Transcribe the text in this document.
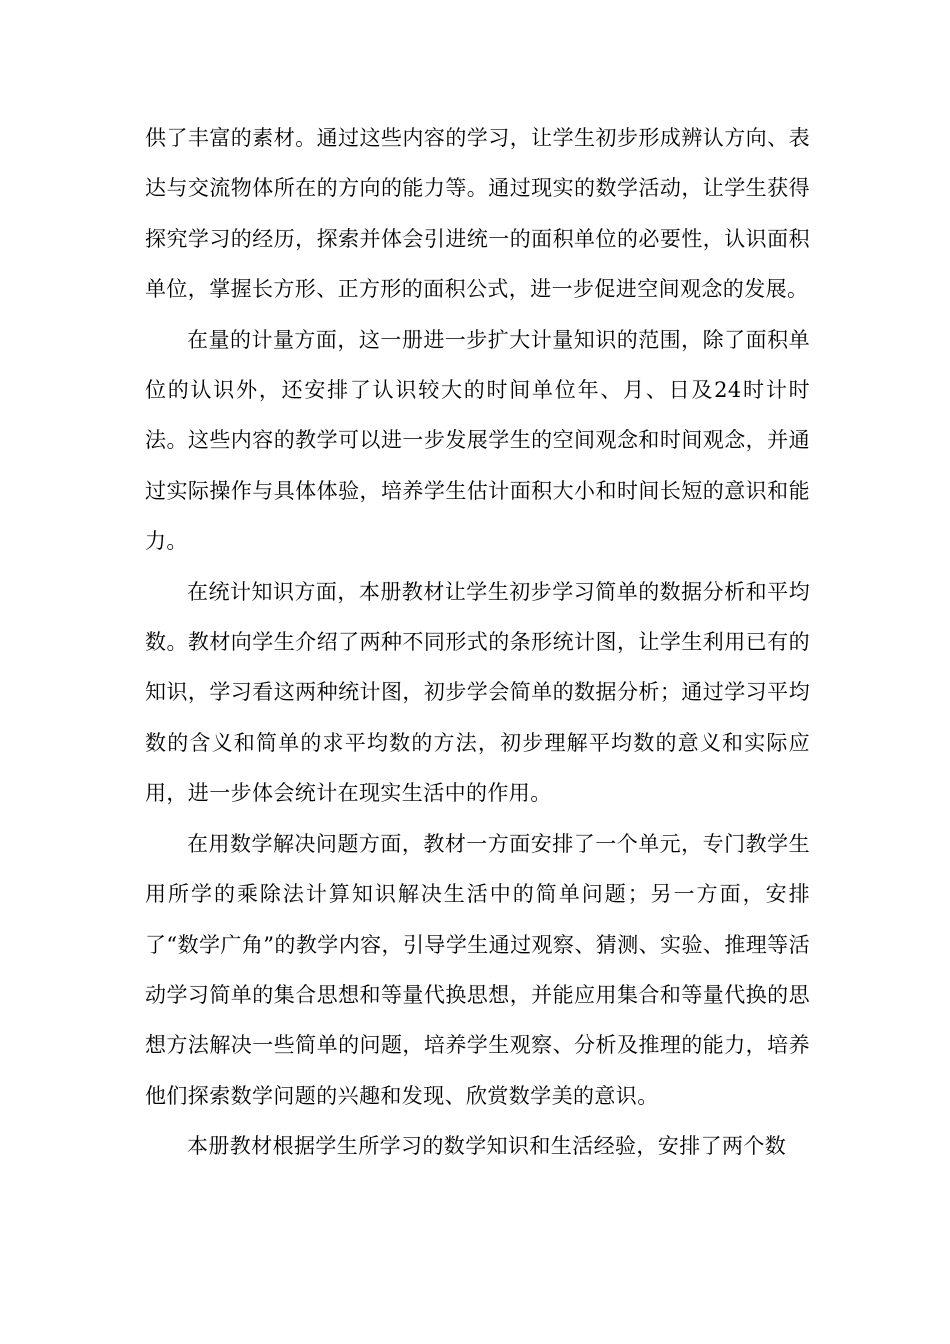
供了丰富的素材。通过这些内容的学习，让学生初步形成辨认方向、表达与交流物体所在的方向的能力等。通过现实的数学活动，让学生获得探究学习的经历，探索并体会引进统一的面积单位的必要性，认识面积单位，掌握长方形、正方形的面积公式，进一步促进空间观念的发展。

在量的计量方面，这一册进一步扩大计量知识的范围，除了面积单位的认识外，还安排了认识较大的时间单位年、月、日及24时计时法。这些内容的教学可以进一步发展学生的空间观念和时间观念，并通过实际操作与具体体验，培养学生估计面积大小和时间长短的意识和能力。

在统计知识方面，本册教材让学生初步学习简单的数据分析和平均数。教材向学生介绍了两种不同形式的条形统计图，让学生利用已有的知识，学习看这两种统计图，初步学会简单的数据分析；通过学习平均数的含义和简单的求平均数的方法，初步理解平均数的意义和实际应用，进一步体会统计在现实生活中的作用。

在用数学解决问题方面，教材一方面安排了一个单元，专门教学生用所学的乘除法计算知识解决生活中的简单问题；另一方面，安排了“数学广角”的教学内容，引导学生通过观察、猜测、实验、推理等活动学习简单的集合思想和等量代换思想，并能应用集合和等量代换的思想方法解决一些简单的问题，培养学生观察、分析及推理的能力，培养他们探索数学问题的兴趣和发现、欣赏数学美的意识。

本册教材根据学生所学习的数学知识和生活经验，安排了两个数
